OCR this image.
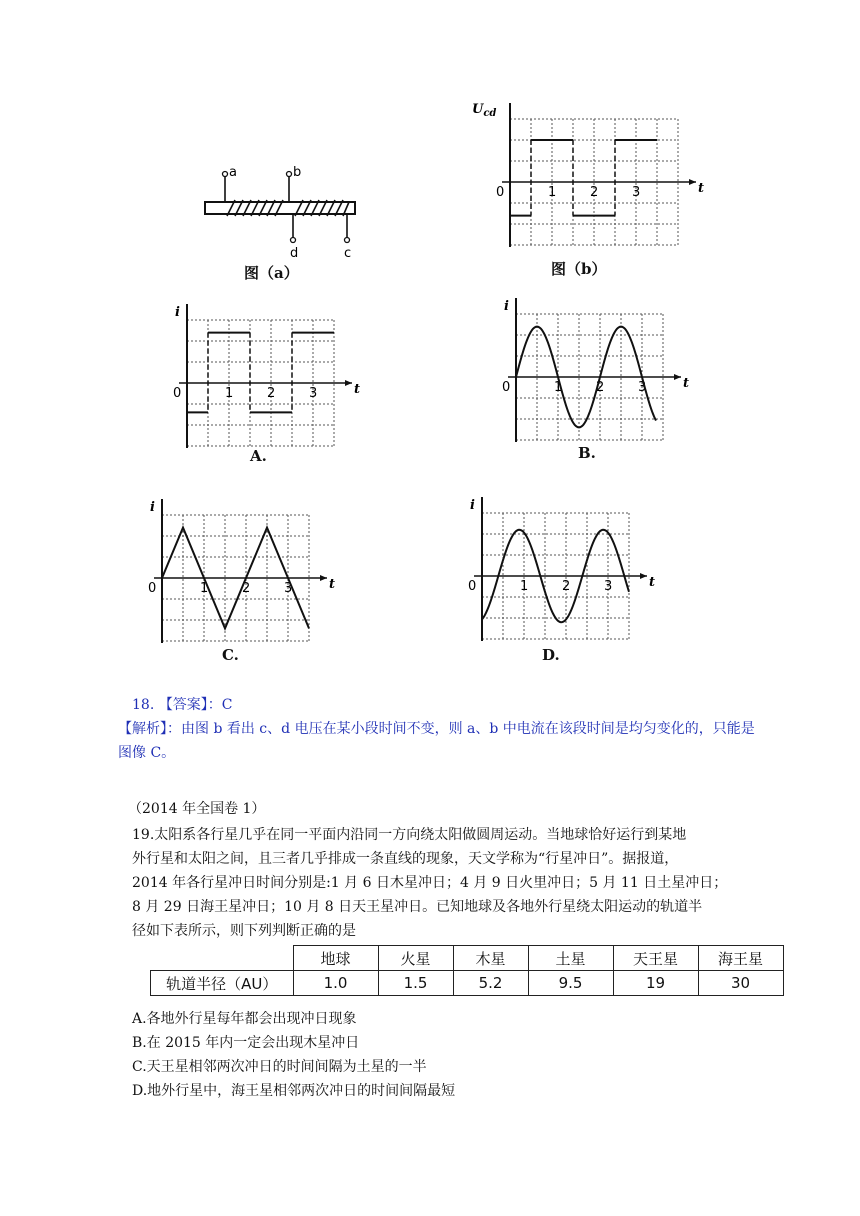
a	b
d	c
图（a）
$U_{cd}$
t
0	1	2	3
图（b）
i
t
0	1	2	3
A.
i
t
0	1	2	3
B.
i
t
0	1	2	3
C.
i
t
0	1	2	3
D.
18. 【答案】：C
【解析】：由图 b 看出 c、d 电压在某小段时间不变，则 a、b 中电流在该段时间是均匀变化的，只能是图像 C。

（2014 年全国卷 1）

19.太阳系各行星几乎在同一平面内沿同一方向绕太阳做圆周运动。当地球恰好运行到某地

外行星和太阳之间，且三者几乎排成一条直线的现象，天文学称为“行星冲日”。据报道，

2014 年各行星冲日时间分别是:1 月 6 日木星冲日；4 月 9 日火里冲日；5 月 11 日土星冲日；

8 月 29 日海王星冲日；10 月 8 日天王星冲日。已知地球及各地外行星绕太阳运动的轨道半

径如下表所示，则下列判断正确的是

	地球	火星	木星	土星	天王星	海王星
轨道半径（AU）	1.0	1.5	5.2	9.5	19	30
A.各地外行星每年都会出现冲日现象
B.在 2015 年内一定会出现木星冲日
C.天王星相邻两次冲日的时间间隔为土星的一半
D.地外行星中，海王星相邻两次冲日的时间间隔最短
